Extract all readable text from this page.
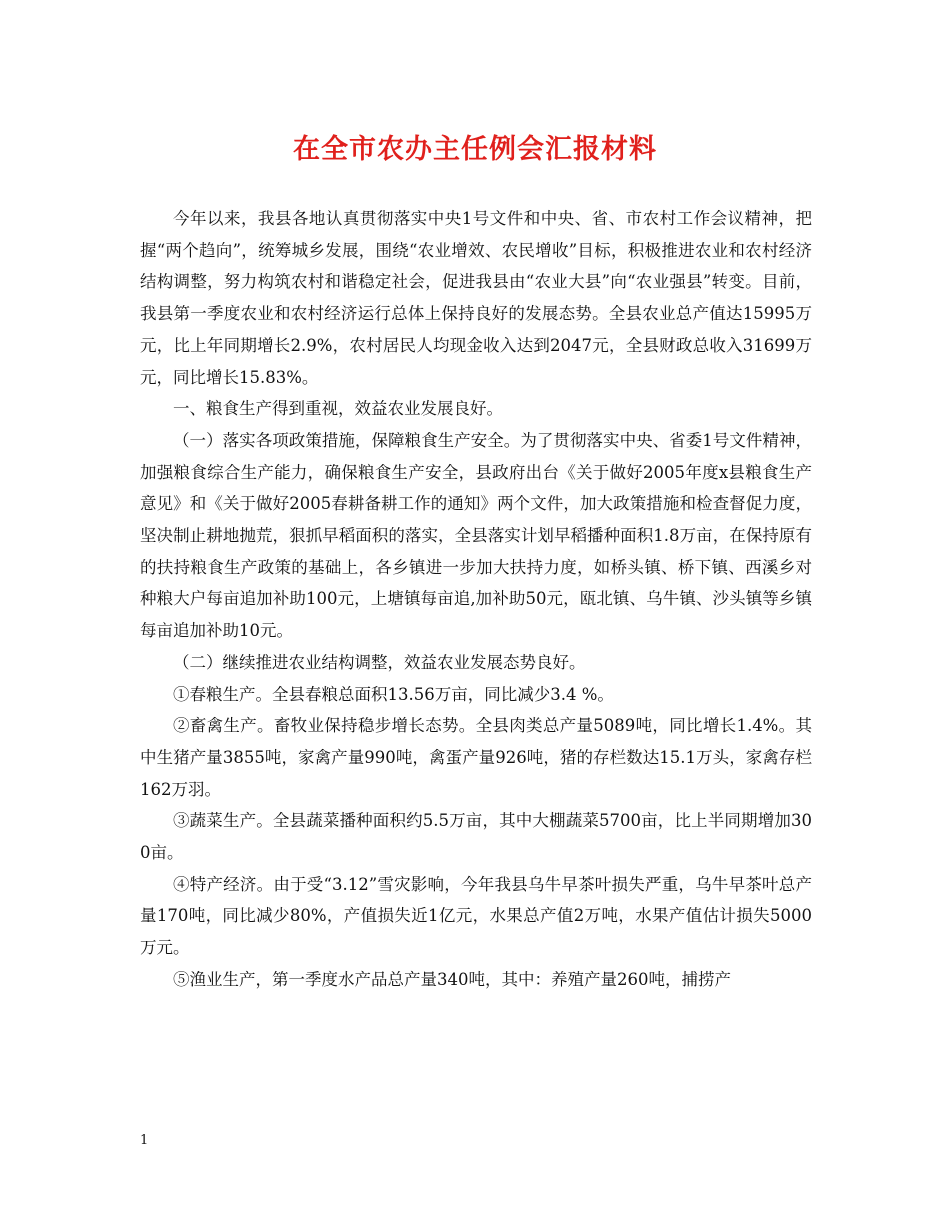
在全市农办主任例会汇报材料

今年以来，我县各地认真贯彻落实中央1号文件和中央、省、市农村工作会议精神，把握“两个趋向”，统筹城乡发展，围绕“农业增效、农民增收”目标，积极推进农业和农村经济结构调整，努力构筑农村和谐稳定社会，促进我县由“农业大县”向“农业强县”转变。目前，我县第一季度农业和农村经济运行总体上保持良好的发展态势。全县农业总产值达15995万元，比上年同期增长2.9%，农村居民人均现金收入达到2047元，全县财政总收入31699万元，同比增长15.83%。

一、粮食生产得到重视，效益农业发展良好。

（一）落实各项政策措施，保障粮食生产安全。为了贯彻落实中央、省委1号文件精神，加强粮食综合生产能力，确保粮食生产安全，县政府出台《关于做好2005年度x县粮食生产意见》和《关于做好2005春耕备耕工作的通知》两个文件，加大政策措施和检查督促力度，坚决制止耕地抛荒，狠抓早稻面积的落实，全县落实计划早稻播种面积1.8万亩，在保持原有的扶持粮食生产政策的基础上，各乡镇进一步加大扶持力度，如桥头镇、桥下镇、西溪乡对种粮大户每亩追加补助100元，上塘镇每亩追,加补助50元，瓯北镇、乌牛镇、沙头镇等乡镇每亩追加补助10元。

（二）继续推进农业结构调整，效益农业发展态势良好。

①春粮生产。全县春粮总面积13.56万亩，同比减少3.4 %。

②畜禽生产。畜牧业保持稳步增长态势。全县肉类总产量5089吨，同比增长1.4%。其中生猪产量3855吨，家禽产量990吨，禽蛋产量926吨，猪的存栏数达15.1万头，家禽存栏162万羽。

③蔬菜生产。全县蔬菜播种面积约5.5万亩，其中大棚蔬菜5700亩，比上半同期增加300亩。

④特产经济。由于受“3.12”雪灾影响，今年我县乌牛早茶叶损失严重，乌牛早茶叶总产量170吨，同比减少80%，产值损失近1亿元，水果总产值2万吨，水果产值估计损失5000万元。

⑤渔业生产，第一季度水产品总产量340吨，其中：养殖产量260吨，捕捞产

1
